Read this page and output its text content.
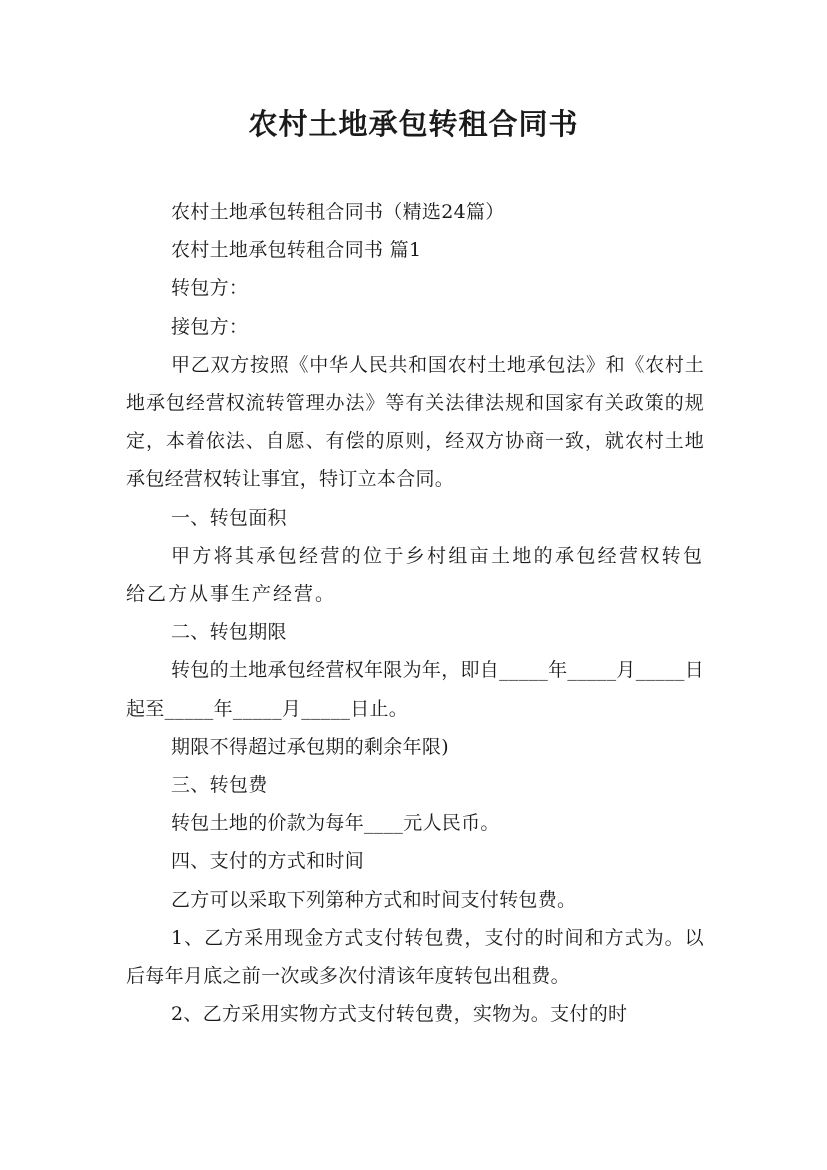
农村土地承包转租合同书

农村土地承包转租合同书（精选24篇）

农村土地承包转租合同书 篇1

转包方：

接包方：

甲乙双方按照《中华人民共和国农村土地承包法》和《农村土地承包经营权流转管理办法》等有关法律法规和国家有关政策的规定，本着依法、自愿、有偿的原则，经双方协商一致，就农村土地承包经营权转让事宜，特订立本合同。

一、转包面积

甲方将其承包经营的位于乡村组亩土地的承包经营权转包给乙方从事生产经营。

二、转包期限

转包的土地承包经营权年限为年，即自_____年_____月_____日起至_____年_____月_____日止。

期限不得超过承包期的剩余年限)

三、转包费

转包土地的价款为每年____元人民币。

四、支付的方式和时间

乙方可以采取下列第种方式和时间支付转包费。

1、乙方采用现金方式支付转包费，支付的时间和方式为。以后每年月底之前一次或多次付清该年度转包出租费。

2、乙方采用实物方式支付转包费，实物为。支付的时
